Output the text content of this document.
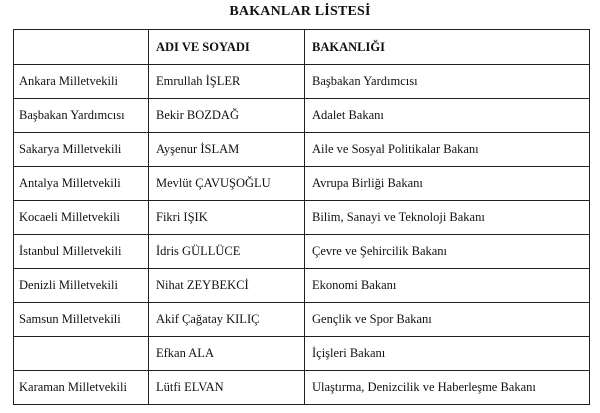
BAKANLAR LİSTESİ
	ADI VE SOYADI	BAKANLIĞI
Ankara Milletvekili	Emrullah İŞLER	Başbakan Yardımcısı
Başbakan Yardımcısı	Bekir BOZDAĞ	Adalet Bakanı
Sakarya Milletvekili	Ayşenur İSLAM	Aile ve Sosyal Politikalar Bakanı
Antalya Milletvekili	Mevlüt ÇAVUŞOĞLU	Avrupa Birliği Bakanı
Kocaeli Milletvekili	Fikri IŞIK	Bilim, Sanayi ve Teknoloji Bakanı
İstanbul Milletvekili	İdris GÜLLÜCE	Çevre ve Şehircilik Bakanı
Denizli Milletvekili	Nihat ZEYBEKCİ	Ekonomi Bakanı
Samsun Milletvekili	Akif Çağatay KILIÇ	Gençlik ve Spor Bakanı
	Efkan ALA	İçişleri Bakanı
Karaman Milletvekili	Lütfi ELVAN	Ulaştırma, Denizcilik ve Haberleşme Bakanı
